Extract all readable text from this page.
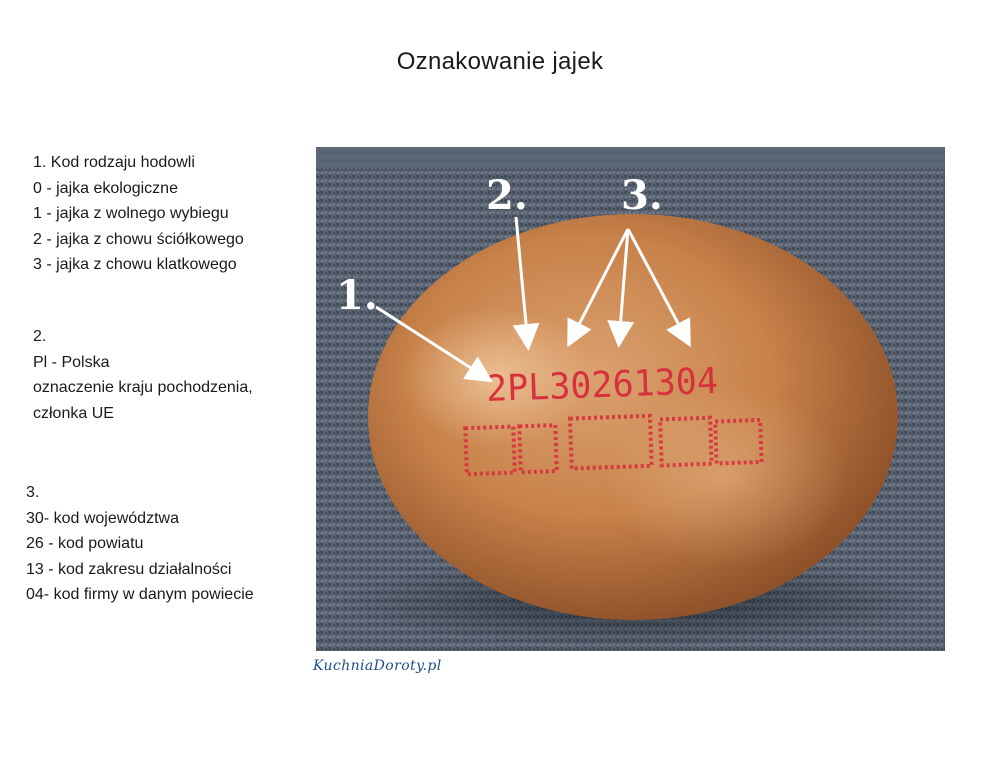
Oznakowanie jajek
1. Kod rodzaju hodowli
0 - jajka ekologiczne
1 - jajka z wolnego wybiegu
2 - jajka z chowu ściółkowego
3 - jajka z chowu klatkowego
2.
Pl - Polska
oznaczenie kraju pochodzenia,
członka UE
3.
30- kod województwa
26 - kod powiatu
13 - kod zakresu działalności
04- kod firmy w danym powiecie
2PL30261304
1.
2. 3.
KuchniaDoroty.pl
